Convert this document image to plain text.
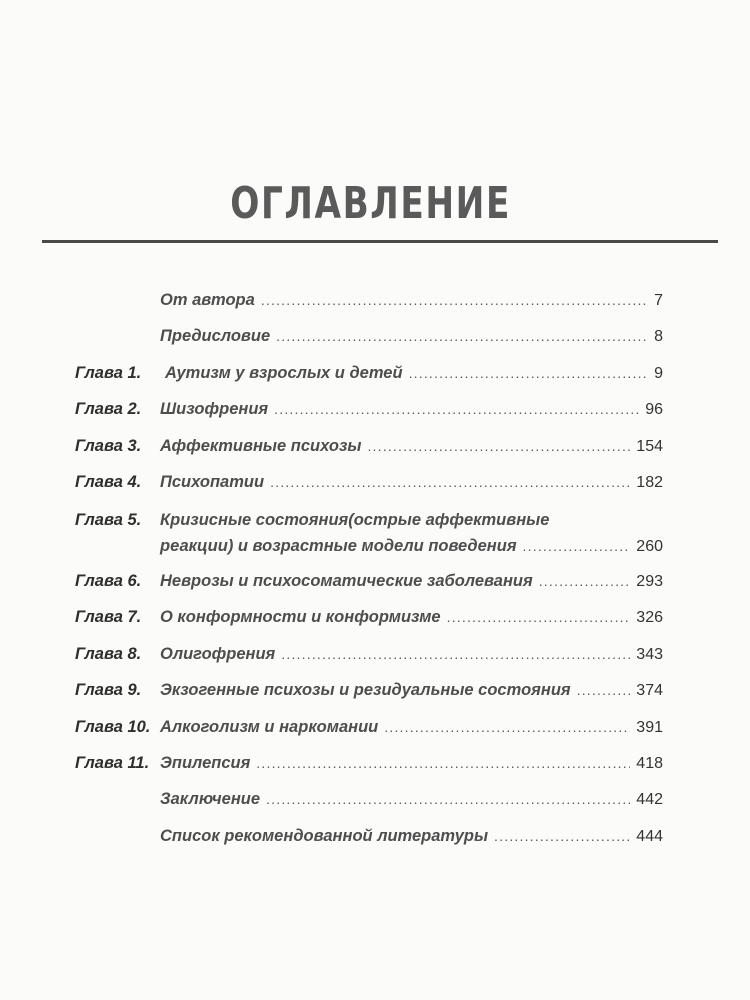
ОГЛАВЛЕНИЕ
От автора .....	7
Предисловие .....	8
Глава 1. Аутизм у взрослых и детей .....	9
Глава 2. Шизофрения .....	96
Глава 3. Аффективные психозы .....	154
Глава 4. Психопатии .....	182
Глава 5. Кризисные состояния(острые аффективные
реакции) и возрастные модели поведения .....	260
Глава 6. Неврозы и психосоматические заболевания .....	293
Глава 7. О конформности и конформизме .....	326
Глава 8. Олигофрения .....	343
Глава 9. Экзогенные психозы и резидуальные состояния .....	374
Глава 10. Алкоголизм и наркомании .....	391
Глава 11. Эпилепсия .....	418
Заключение .....	442
Список рекомендованной литературы .....	444
